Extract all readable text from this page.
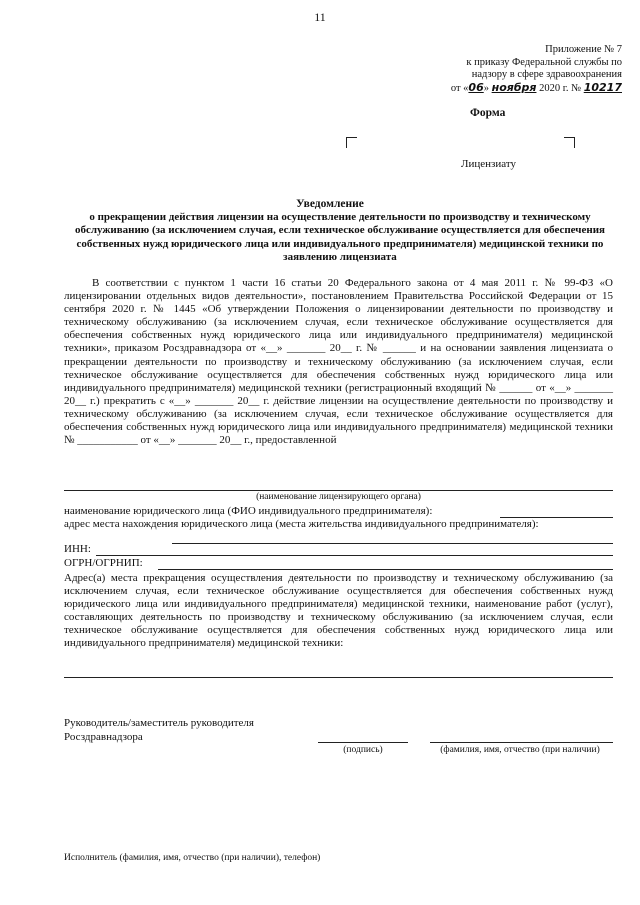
11
Приложение № 7
к приказу Федеральной службы по
надзору в сфере здравоохранения
от «06» ноября 2020 г. № 10217
Форма
Лицензиату
Уведомление
о прекращении действия лицензии на осуществление деятельности по производству и техническому обслуживанию (за исключением случая, если техническое обслуживание осуществляется для обеспечения собственных нужд юридического лица или индивидуального предпринимателя) медицинской техники по заявлению лицензиата

В соответствии с пунктом 1 части 16 статьи 20 Федерального закона от 4 мая 2011 г. № 99-ФЗ «О лицензировании отдельных видов деятельности», постановлением Правительства Российской Федерации от 15 сентября 2020 г. № 1445 «Об утверждении Положения о лицензировании деятельности по производству и техническому обслуживанию (за исключением случая, если техническое обслуживание осуществляется для обеспечения собственных нужд юридического лица или индивидуального предпринимателя) медицинской техники», приказом Росздравнадзора от «__» _______ 20__ г. № ______ и на основании заявления лицензиата о прекращении деятельности по производству и техническому обслуживанию (за исключением случая, если техническое обслуживание осуществляется для обеспечения собственных нужд юридического лица или индивидуального предпринимателя) медицинской техники (регистрационный входящий № ______ от «__» _______ 20__ г.) прекратить с «__» _______ 20__ г. действие лицензии на осуществление деятельности по производству и техническому обслуживанию (за исключением случая, если техническое обслуживание осуществляется для обеспечения собственных нужд юридического лица или индивидуального предпринимателя) медицинской техники № ___________ от «__» _______ 20__ г., предоставленной

(наименование лицензирующего органа)
наименование юридического лица (ФИО индивидуального предпринимателя):
адрес места нахождения юридического лица (места жительства индивидуального предпринимателя):
ИНН:
ОГРН/ОГРНИП:

Адрес(а) места прекращения осуществления деятельности по производству и техническому обслуживанию (за исключением случая, если техническое обслуживание осуществляется для обеспечения собственных нужд юридического лица или индивидуального предпринимателя) медицинской техники, наименование работ (услуг), составляющих деятельность по производству и техническому обслуживанию (за исключением случая, если техническое обслуживание осуществляется для обеспечения собственных нужд юридического лица или индивидуального предпринимателя) медицинской техники:

Руководитель/заместитель руководителя
Росздравнадзора
(подпись)	(фамилия, имя, отчество (при наличии)
Исполнитель (фамилия, имя, отчество (при наличии), телефон)
